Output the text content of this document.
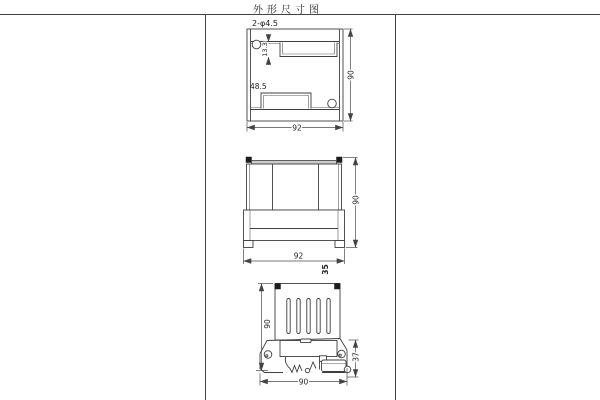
外形尺寸图
2-φ4.5
13.3
48.5
90
92
90
92
35
90
37
90
